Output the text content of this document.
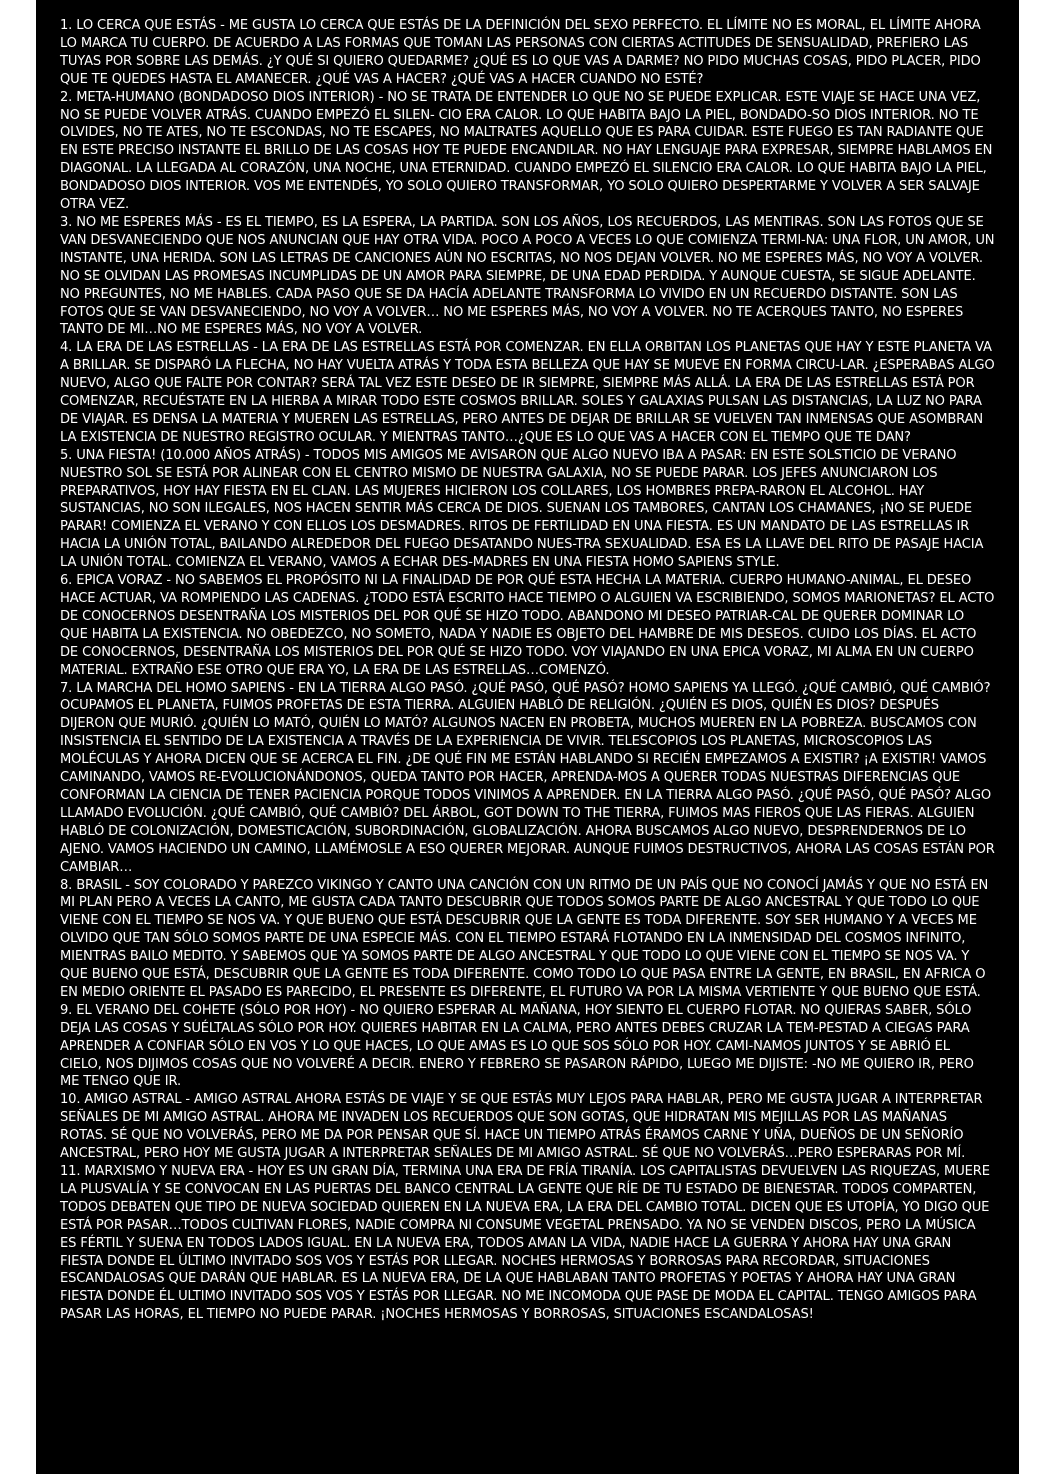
1. LO CERCA QUE ESTÁS - ME GUSTA LO CERCA QUE ESTÁS DE LA DEFINICIÓN DEL SEXO PERFECTO. EL LÍMITE NO ES MORAL, EL LÍMITE AHORA LO MARCA TU CUERPO. DE ACUERDO A LAS FORMAS QUE TOMAN LAS PERSONAS CON CIERTAS ACTITUDES DE SENSUALIDAD, PREFIERO LAS TUYAS POR SOBRE LAS DEMÁS. ¿Y QUÉ SI QUIERO QUEDARME? ¿QUÉ ES LO QUE VAS A DARME? NO PIDO MUCHAS COSAS, PIDO PLACER, PIDO QUE TE QUEDES HASTA EL AMANECER. ¿QUÉ VAS A HACER? ¿QUÉ VAS A HACER CUANDO NO ESTÉ?

2. META-HUMANO (BONDADOSO DIOS INTERIOR) - NO SE TRATA DE ENTENDER LO QUE NO SE PUEDE EXPLICAR. ESTE VIAJE SE HACE UNA VEZ, NO SE PUEDE VOLVER ATRÁS. CUANDO EMPEZÓ EL SILEN- CIO ERA CALOR. LO QUE HABITA BAJO LA PIEL, BONDADO-SO DIOS INTERIOR. NO TE OLVIDES, NO TE ATES, NO TE ESCONDAS, NO TE ESCAPES, NO MALTRATES AQUELLO QUE ES PARA CUIDAR. ESTE FUEGO ES TAN RADIANTE QUE EN ESTE PRECISO INSTANTE EL BRILLO DE LAS COSAS HOY TE PUEDE ENCANDILAR. NO HAY LENGUAJE PARA EXPRESAR, SIEMPRE HABLAMOS EN DIAGONAL. LA LLEGADA AL CORAZÓN, UNA NOCHE, UNA ETERNIDAD. CUANDO EMPEZÓ EL SILENCIO ERA CALOR. LO QUE HABITA BAJO LA PIEL, BONDADOSO DIOS INTERIOR. VOS ME ENTENDÉS, YO SOLO QUIERO TRANSFORMAR, YO SOLO QUIERO DESPERTARME Y VOLVER A SER SALVAJE OTRA VEZ.

3. NO ME ESPERES MÁS - ES EL TIEMPO, ES LA ESPERA, LA PARTIDA. SON LOS AÑOS, LOS RECUERDOS, LAS MENTIRAS. SON LAS FOTOS QUE SE VAN DESVANECIENDO QUE NOS ANUNCIAN QUE HAY OTRA VIDA. POCO A POCO A VECES LO QUE COMIENZA TERMI-NA: UNA FLOR, UN AMOR, UN INSTANTE, UNA HERIDA. SON LAS LETRAS DE CANCIONES AÚN NO ESCRITAS, NO NOS DEJAN VOLVER. NO ME ESPERES MÁS, NO VOY A VOLVER. NO SE OLVIDAN LAS PROMESAS INCUMPLIDAS DE UN AMOR PARA SIEMPRE, DE UNA EDAD PERDIDA. Y AUNQUE CUESTA, SE SIGUE ADELANTE. NO PREGUNTES, NO ME HABLES. CADA PASO QUE SE DA HACÍA ADELANTE TRANSFORMA LO VIVIDO EN UN RECUERDO DISTANTE. SON LAS FOTOS QUE SE VAN DESVANECIENDO, NO VOY A VOLVER… NO ME ESPERES MÁS, NO VOY A VOLVER. NO TE ACERQUES TANTO, NO ESPERES TANTO DE MI…NO ME ESPERES MÁS, NO VOY A VOLVER.

4. LA ERA DE LAS ESTRELLAS - LA ERA DE LAS ESTRELLAS ESTÁ POR COMENZAR. EN ELLA ORBITAN LOS PLANETAS QUE HAY Y ESTE PLANETA VA A BRILLAR. SE DISPARÓ LA FLECHA, NO HAY VUELTA ATRÁS Y TODA ESTA BELLEZA QUE HAY SE MUEVE EN FORMA CIRCU-LAR. ¿ESPERABAS ALGO NUEVO, ALGO QUE FALTE POR CONTAR? SERÁ TAL VEZ ESTE DESEO DE IR SIEMPRE, SIEMPRE MÁS ALLÁ. LA ERA DE LAS ESTRELLAS ESTÁ POR COMENZAR, RECUÉSTATE EN LA HIERBA A MIRAR TODO ESTE COSMOS BRILLAR. SOLES Y GALAXIAS PULSAN LAS DISTANCIAS, LA LUZ NO PARA DE VIAJAR. ES DENSA LA MATERIA Y MUEREN LAS ESTRELLAS, PERO ANTES DE DEJAR DE BRILLAR SE VUELVEN TAN INMENSAS QUE ASOMBRAN LA EXISTENCIA DE NUESTRO REGISTRO OCULAR. Y MIENTRAS TANTO…¿QUE ES LO QUE VAS A HACER CON EL TIEMPO QUE TE DAN?

5. UNA FIESTA! (10.000 AÑOS ATRÁS) - TODOS MIS AMIGOS ME AVISARON QUE ALGO NUEVO IBA A PASAR: EN ESTE SOLSTICIO DE VERANO NUESTRO SOL SE ESTÁ POR ALINEAR CON EL CENTRO MISMO DE NUESTRA GALAXIA, NO SE PUEDE PARAR. LOS JEFES ANUNCIARON LOS PREPARATIVOS, HOY HAY FIESTA EN EL CLAN. LAS MUJERES HICIERON LOS COLLARES, LOS HOMBRES PREPA-RARON EL ALCOHOL. HAY SUSTANCIAS, NO SON ILEGALES, NOS HACEN SENTIR MÁS CERCA DE DIOS. SUENAN LOS TAMBORES, CANTAN LOS CHAMANES, ¡NO SE PUEDE PARAR! COMIENZA EL VERANO Y CON ELLOS LOS DESMADRES. RITOS DE FERTILIDAD EN UNA FIESTA. ES UN MANDATO DE LAS ESTRELLAS IR HACIA LA UNIÓN TOTAL, BAILANDO ALREDEDOR DEL FUEGO DESATANDO NUES-TRA SEXUALIDAD. ESA ES LA LLAVE DEL RITO DE PASAJE HACIA LA UNIÓN TOTAL. COMIENZA EL VERANO, VAMOS A ECHAR DES-MADRES EN UNA FIESTA HOMO SAPIENS STYLE.

6. EPICA VORAZ - NO SABEMOS EL PROPÓSITO NI LA FINALIDAD DE POR QUÉ ESTA HECHA LA MATERIA. CUERPO HUMANO-ANIMAL, EL DESEO HACE ACTUAR, VA ROMPIENDO LAS CADENAS. ¿TODO ESTÁ ESCRITO HACE TIEMPO O ALGUIEN VA ESCRIBIENDO, SOMOS MARIONETAS? EL ACTO DE CONOCERNOS DESENTRAÑA LOS MISTERIOS DEL POR QUÉ SE HIZO TODO. ABANDONO MI DESEO PATRIAR-CAL DE QUERER DOMINAR LO QUE HABITA LA EXISTENCIA. NO OBEDEZCO, NO SOMETO, NADA Y NADIE ES OBJETO DEL HAMBRE DE MIS DESEOS. CUIDO LOS DÍAS. EL ACTO DE CONOCERNOS, DESENTRAÑA LOS MISTERIOS DEL POR QUÉ SE HIZO TODO. VOY VIAJANDO EN UNA EPICA VORAZ, MI ALMA EN UN CUERPO MATERIAL. EXTRAÑO ESE OTRO QUE ERA YO, LA ERA DE LAS ESTRELLAS…COMENZÓ.

7. LA MARCHA DEL HOMO SAPIENS - EN LA TIERRA ALGO PASÓ. ¿QUÉ PASÓ, QUÉ PASÓ? HOMO SAPIENS YA LLEGÓ. ¿QUÉ CAMBIÓ, QUÉ CAMBIÓ? OCUPAMOS EL PLANETA, FUIMOS PROFETAS DE ESTA TIERRA. ALGUIEN HABLÓ DE RELIGIÓN. ¿QUIÉN ES DIOS, QUIÉN ES DIOS? DESPUÉS DIJERON QUE MURIÓ. ¿QUIÉN LO MATÓ, QUIÉN LO MATÓ? ALGUNOS NACEN EN PROBETA, MUCHOS MUEREN EN LA POBREZA. BUSCAMOS CON INSISTENCIA EL SENTIDO DE LA EXISTENCIA A TRAVÉS DE LA EXPERIENCIA DE VIVIR. TELESCOPIOS LOS PLANETAS, MICROSCOPIOS LAS MOLÉCULAS Y AHORA DICEN QUE SE ACERCA EL FIN. ¿DE QUÉ FIN ME ESTÁN HABLANDO SI RECIÉN EMPEZAMOS A EXISTIR? ¡A EXISTIR! VAMOS CAMINANDO, VAMOS RE-EVOLUCIONÁNDONOS, QUEDA TANTO POR HACER, APRENDA-MOS A QUERER TODAS NUESTRAS DIFERENCIAS QUE CONFORMAN LA CIENCIA DE TENER PACIENCIA PORQUE TODOS VINIMOS A APRENDER. EN LA TIERRA ALGO PASÓ. ¿QUÉ PASÓ, QUÉ PASÓ? ALGO LLAMADO EVOLUCIÓN. ¿QUÉ CAMBIÓ, QUÉ CAMBIÓ? DEL ÁRBOL, GOT DOWN TO THE TIERRA, FUIMOS MAS FIEROS QUE LAS FIERAS. ALGUIEN HABLÓ DE COLONIZACIÓN, DOMESTICACIÓN, SUBORDINACIÓN, GLOBALIZACIÓN. AHORA BUSCAMOS ALGO NUEVO, DESPRENDERNOS DE LO AJENO. VAMOS HACIENDO UN CAMINO, LLAMÉMOSLE A ESO QUERER MEJORAR. AUNQUE FUIMOS DESTRUCTIVOS, AHORA LAS COSAS ESTÁN POR CAMBIAR…

8. BRASIL - SOY COLORADO Y PAREZCO VIKINGO Y CANTO UNA CANCIÓN CON UN RITMO DE UN PAÍS QUE NO CONOCÍ JAMÁS Y QUE NO ESTÁ EN MI PLAN PERO A VECES LA CANTO, ME GUSTA CADA TANTO DESCUBRIR QUE TODOS SOMOS PARTE DE ALGO ANCESTRAL Y QUE TODO LO QUE VIENE CON EL TIEMPO SE NOS VA. Y QUE BUENO QUE ESTÁ DESCUBRIR QUE LA GENTE ES TODA DIFERENTE. SOY SER HUMANO Y A VECES ME OLVIDO QUE TAN SÓLO SOMOS PARTE DE UNA ESPECIE MÁS. CON EL TIEMPO ESTARÁ FLOTANDO EN LA INMENSIDAD DEL COSMOS INFINITO, MIENTRAS BAILO MEDITO. Y SABEMOS QUE YA SOMOS PARTE DE ALGO ANCESTRAL Y QUE TODO LO QUE VIENE CON EL TIEMPO SE NOS VA. Y QUE BUENO QUE ESTÁ, DESCUBRIR QUE LA GENTE ES TODA DIFERENTE. COMO TODO LO QUE PASA ENTRE LA GENTE, EN BRASIL, EN AFRICA O EN MEDIO ORIENTE EL PASADO ES PARECIDO, EL PRESENTE ES DIFERENTE, EL FUTURO VA POR LA MISMA VERTIENTE Y QUE BUENO QUE ESTÁ.

9. EL VERANO DEL COHETE (SÓLO POR HOY) - NO QUIERO ESPERAR AL MAÑANA, HOY SIENTO EL CUERPO FLOTAR. NO QUIERAS SABER, SÓLO DEJA LAS COSAS Y SUÉLTALAS SÓLO POR HOY. QUIERES HABITAR EN LA CALMA, PERO ANTES DEBES CRUZAR LA TEM-PESTAD A CIEGAS PARA APRENDER A CONFIAR SÓLO EN VOS Y LO QUE HACES, LO QUE AMAS ES LO QUE SOS SÓLO POR HOY. CAMI-NAMOS JUNTOS Y SE ABRIÓ EL CIELO, NOS DIJIMOS COSAS QUE NO VOLVERÉ A DECIR. ENERO Y FEBRERO SE PASARON RÁPIDO, LUEGO ME DIJISTE: -NO ME QUIERO IR, PERO ME TENGO QUE IR.

10. AMIGO ASTRAL - AMIGO ASTRAL AHORA ESTÁS DE VIAJE Y SE QUE ESTÁS MUY LEJOS PARA HABLAR, PERO ME GUSTA JUGAR A INTERPRETAR SEÑALES DE MI AMIGO ASTRAL. AHORA ME INVADEN LOS RECUERDOS QUE SON GOTAS, QUE HIDRATAN MIS MEJILLAS POR LAS MAÑANAS ROTAS. SÉ QUE NO VOLVERÁS, PERO ME DA POR PENSAR QUE SÍ. HACE UN TIEMPO ATRÁS ÉRAMOS CARNE Y UÑA, DUEÑOS DE UN SEÑORÍO ANCESTRAL, PERO HOY ME GUSTA JUGAR A INTERPRETAR SEÑALES DE MI AMIGO ASTRAL. SÉ QUE NO VOLVERÁS…PERO ESPERARAS POR MÍ.

11. MARXISMO Y NUEVA ERA - HOY ES UN GRAN DÍA, TERMINA UNA ERA DE FRÍA TIRANÍA. LOS CAPITALISTAS DEVUELVEN LAS RIQUEZAS, MUERE LA PLUSVALÍA Y SE CONVOCAN EN LAS PUERTAS DEL BANCO CENTRAL LA GENTE QUE RÍE DE TU ESTADO DE BIENESTAR. TODOS COMPARTEN, TODOS DEBATEN QUE TIPO DE NUEVA SOCIEDAD QUIEREN EN LA NUEVA ERA, LA ERA DEL CAMBIO TOTAL. DICEN QUE ES UTOPÍA, YO DIGO QUE ESTÁ POR PASAR…TODOS CULTIVAN FLORES, NADIE COMPRA NI CONSUME VEGETAL PRENSADO. YA NO SE VENDEN DISCOS, PERO LA MÚSICA ES FÉRTIL Y SUENA EN TODOS LADOS IGUAL. EN LA NUEVA ERA, TODOS AMAN LA VIDA, NADIE HACE LA GUERRA Y AHORA HAY UNA GRAN FIESTA DONDE EL ÚLTIMO INVITADO SOS VOS Y ESTÁS POR LLEGAR. NOCHES HERMOSAS Y BORROSAS PARA RECORDAR, SITUACIONES ESCANDALOSAS QUE DARÁN QUE HABLAR. ES LA NUEVA ERA, DE LA QUE HABLABAN TANTO PROFETAS Y POETAS Y AHORA HAY UNA GRAN FIESTA DONDE ÉL ULTIMO INVITADO SOS VOS Y ESTÁS POR LLEGAR. NO ME INCOMODA QUE PASE DE MODA EL CAPITAL. TENGO AMIGOS PARA PASAR LAS HORAS, EL TIEMPO NO PUEDE PARAR. ¡NOCHES HERMOSAS Y BORROSAS, SITUACIONES ESCANDALOSAS!
